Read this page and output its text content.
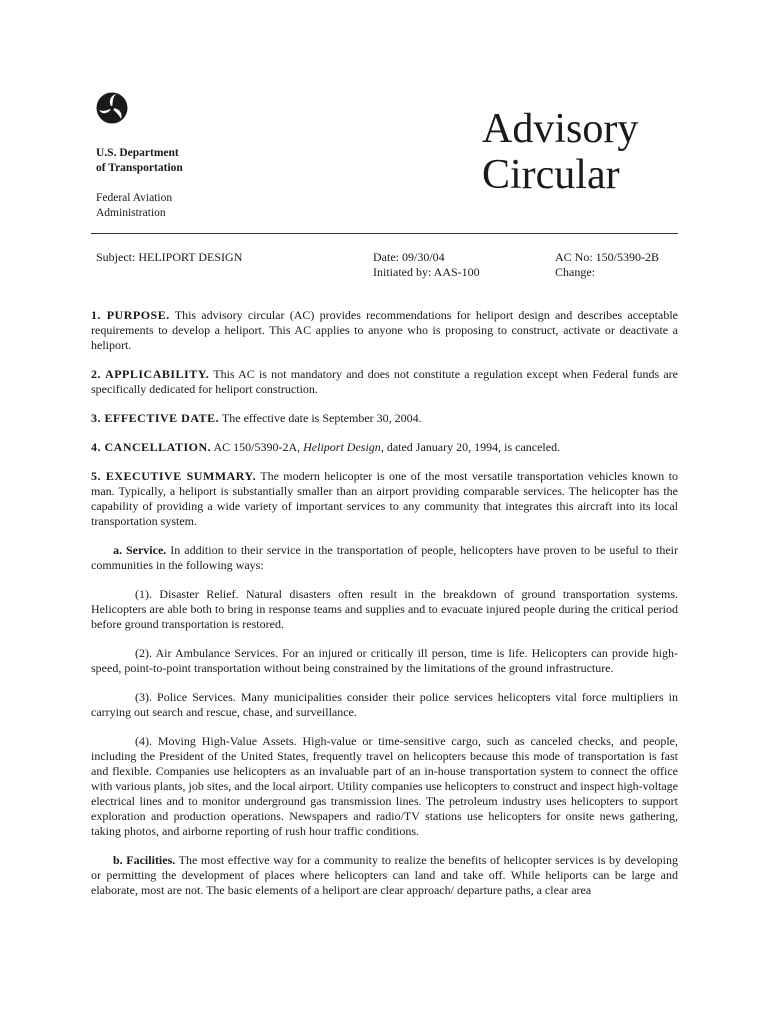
U.S. Department
of Transportation
Federal Aviation
Administration
Advisory
Circular
Subject: HELIPORT DESIGN	Date: 09/30/04
Initiated by: AAS-100
AC No: 150/5390-2B
Change:

1. PURPOSE. This advisory circular (AC) provides recommendations for heliport design and describes acceptable requirements to develop a heliport. This AC applies to anyone who is proposing to construct, activate or deactivate a heliport.

2. APPLICABILITY. This AC is not mandatory and does not constitute a regulation except when Federal funds are specifically dedicated for heliport construction.

3. EFFECTIVE DATE. The effective date is September 30, 2004.

4. CANCELLATION. AC 150/5390-2A, Heliport Design, dated January 20, 1994, is canceled.

5. EXECUTIVE SUMMARY. The modern helicopter is one of the most versatile transportation vehicles known to man. Typically, a heliport is substantially smaller than an airport providing comparable services. The helicopter has the capability of providing a wide variety of important services to any community that integrates this aircraft into its local transportation system.

a. Service. In addition to their service in the transportation of people, helicopters have proven to be useful to their communities in the following ways:

(1). Disaster Relief. Natural disasters often result in the breakdown of ground transportation systems. Helicopters are able both to bring in response teams and supplies and to evacuate injured people during the critical period before ground transportation is restored.

(2). Air Ambulance Services. For an injured or critically ill person, time is life. Helicopters can provide high-speed, point-to-point transportation without being constrained by the limitations of the ground infrastructure.

(3). Police Services. Many municipalities consider their police services helicopters vital force multipliers in carrying out search and rescue, chase, and surveillance.

(4). Moving High-Value Assets. High-value or time-sensitive cargo, such as canceled checks, and people, including the President of the United States, frequently travel on helicopters because this mode of transportation is fast and flexible. Companies use helicopters as an invaluable part of an in-house transportation system to connect the office with various plants, job sites, and the local airport. Utility companies use helicopters to construct and inspect high-voltage electrical lines and to monitor underground gas transmission lines. The petroleum industry uses helicopters to support exploration and production operations. Newspapers and radio/TV stations use helicopters for onsite news gathering, taking photos, and airborne reporting of rush hour traffic conditions.

b. Facilities. The most effective way for a community to realize the benefits of helicopter services is by developing or permitting the development of places where helicopters can land and take off. While heliports can be large and elaborate, most are not. The basic elements of a heliport are clear approach/ departure paths, a clear area
